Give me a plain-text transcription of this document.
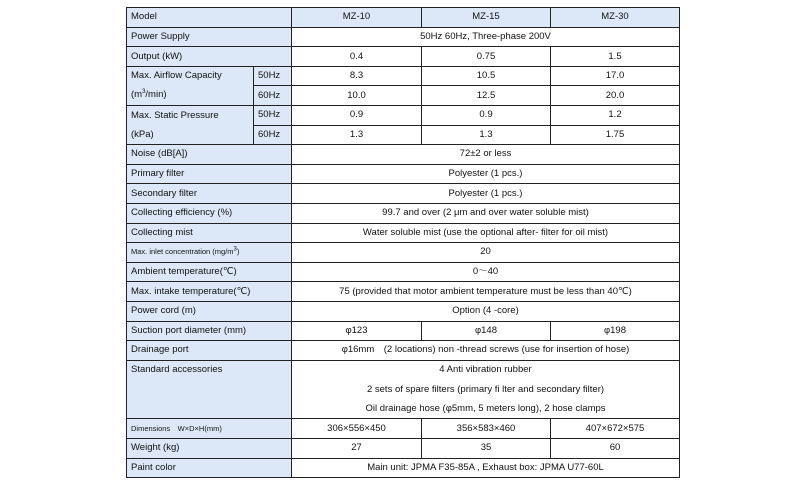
Model		MZ-10	MZ-15	MZ-30
Power Supply		50Hz 60Hz, Three-phase 200V		
Output (kW)		0.4	0.75	1.5
Max. Airflow Capacity	50Hz	8.3	10.5	17.0
$(m^3/\min)$	60Hz	10.0	12.5	20.0
Max. Static Pressure	50Hz	0.9	0.9	1.2
(kPa)	60Hz	1.3	1.3	1.75
Noise (dB[A])		72±2 or less		
Primary filter		Polyester (1 pcs.)		
Secondary filter		Polyester (1 pcs.)		
Collecting efficiency (%)		99.7 and over (2 μm and over water soluble mist)		
Collecting mist		Water soluble mist (use the optional after- filter for oil mist)		
Max. inlet concentration $(mg/m^3)$		20		
Ambient temperature(℃)		0～40		
Max. intake temperature(℃)		75 (provided that motor ambient temperature must be less than 40℃)		
Power cord (m)		Option (4 -core)		
Suction port diameter (mm)		φ123	φ148	φ198
Drainage port		φ16mm　(2 locations) non -thread screws (use for insertion of hose)		
Standard accessories		4 Anti vibration rubber		
		2 sets of spare filters (primary fi lter and secondary filter)		
		Oil drainage hose (φ5mm, 5 meters long), 2 hose clamps		
Dimensions　W×D×H(mm)		306×556×450	356×583×460	407×672×575
Weight (kg)		27	35	60
Paint color		Main unit: JPMA F35-85A , Exhaust box: JPMA U77-60L		
